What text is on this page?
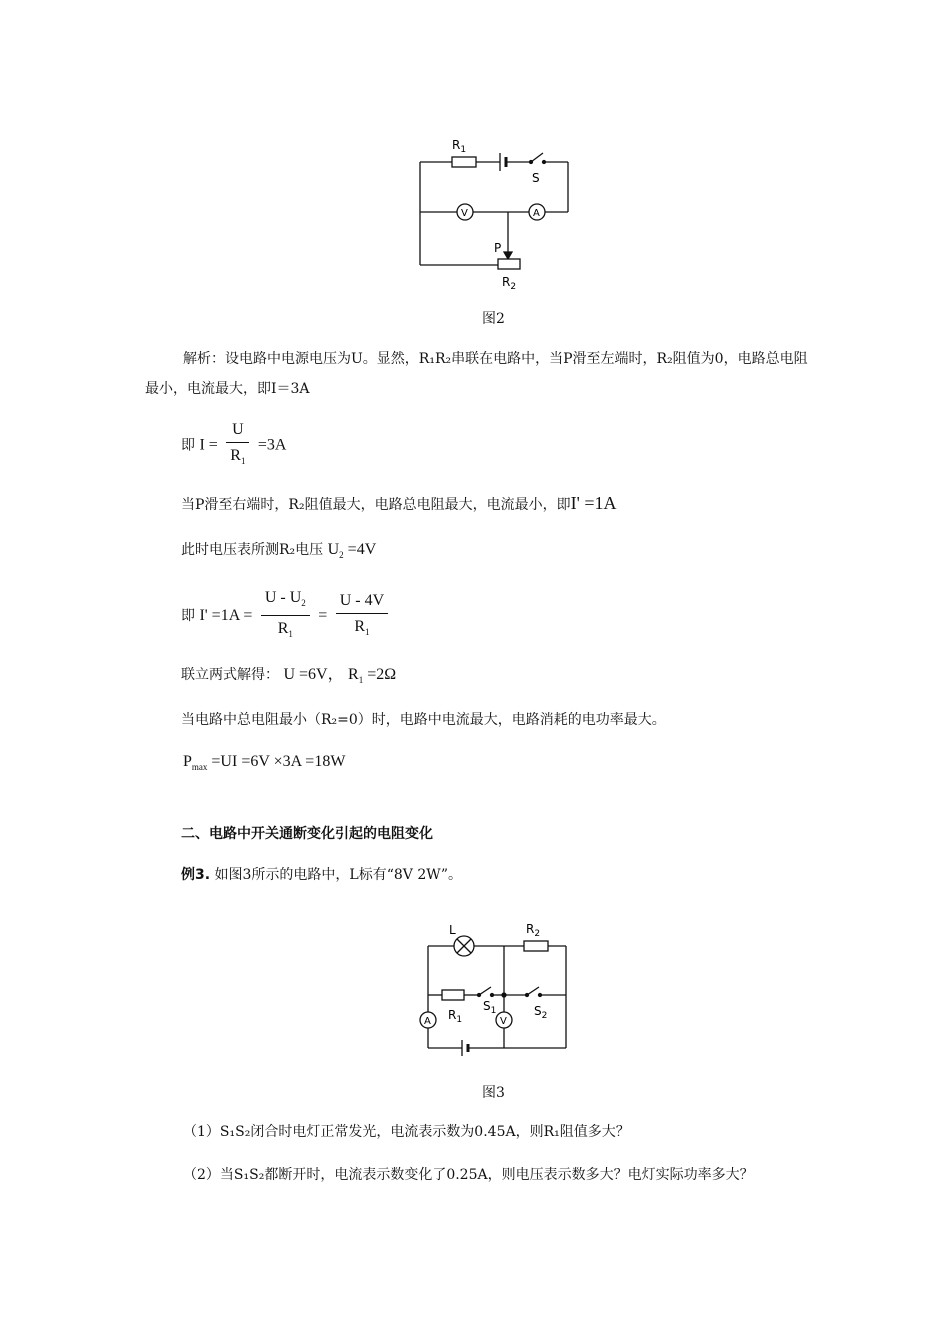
$R_1$
S
V	A
P
$R_2$
图2
解析：设电路中电源电压为U。显然，R₁R₂串联在电路中，当P滑至左端时，R₂阻值为0，电路总电阻最小，电流最大，即I＝3A
即 $I = \frac{U}{R_1} =3A$
当P滑至右端时，R₂阻值最大，电路总电阻最大，电流最小，即I' =1A
此时电压表所测R₂电压 $U_2 =4V$
即 $I' =1A = \frac{U - U_2}{R_1} = \frac{U - 4V}{R_1}$
联立两式解得： U =6V， $R_1 =2\Omega$
当电路中总电阻最小（R₂=0）时，电路中电流最大，电路消耗的电功率最大。
$P_{max} =UI =6V \times 3A =18W$
二、电路中开关通断变化引起的电阻变化
例3. 如图3所示的电路中，L标有“8V 2W”。
L	$R_2$
$R_1$
$S_1$	$S_2$
A	V
图3
（1）S₁S₂闭合时电灯正常发光，电流表示数为0.45A，则R₁阻值多大？
（2）当S₁S₂都断开时，电流表示数变化了0.25A，则电压表示数多大？电灯实际功率多大？
